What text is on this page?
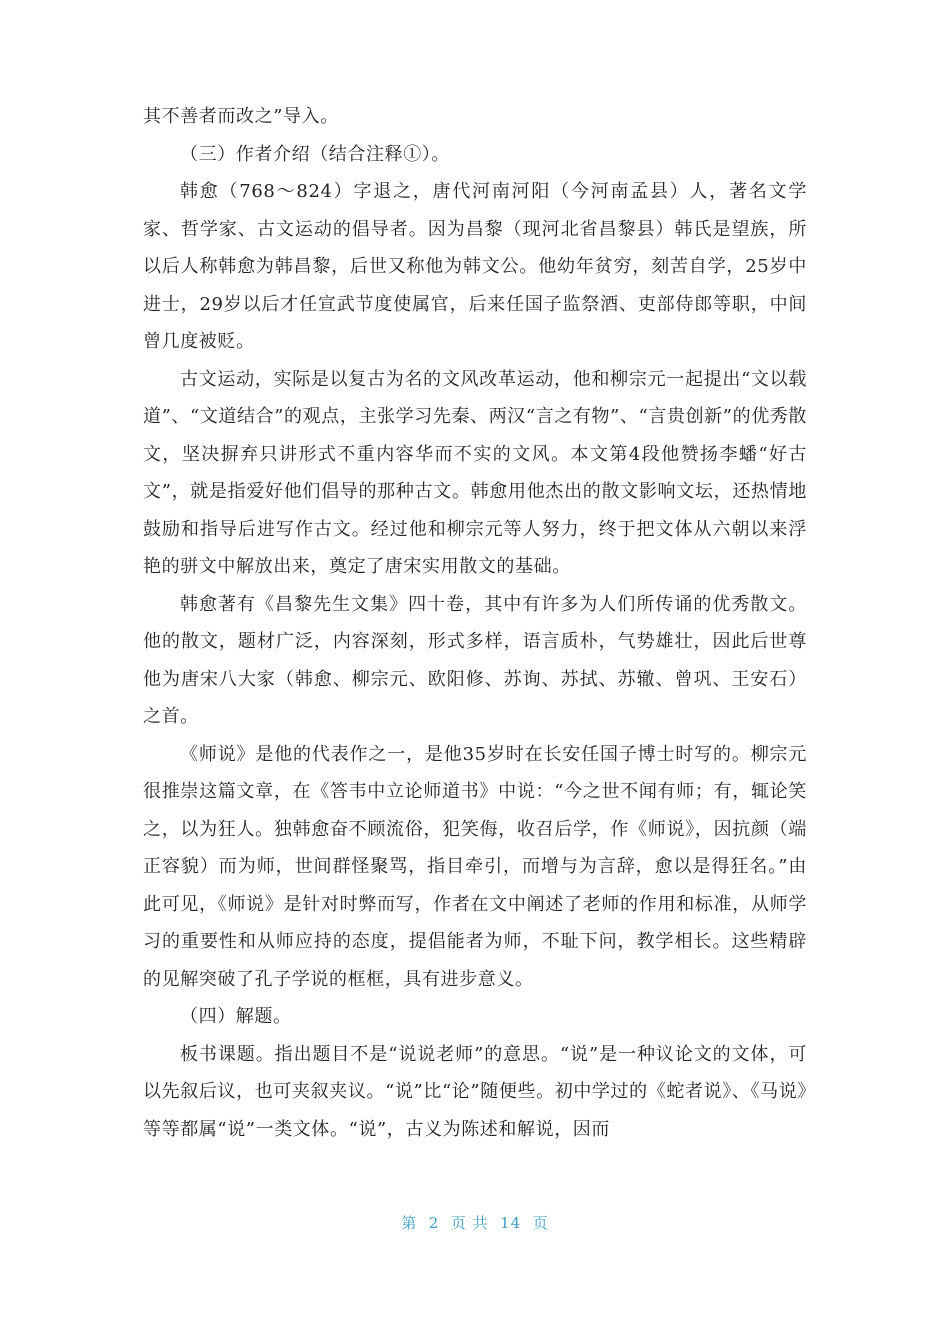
其不善者而改之”导入。

（三）作者介绍（结合注释①）。

韩愈（768～824）字退之，唐代河南河阳（今河南孟县）人，著名文学家、哲学家、古文运动的倡导者。因为昌黎（现河北省昌黎县）韩氏是望族，所以后人称韩愈为韩昌黎，后世又称他为韩文公。他幼年贫穷，刻苦自学，25岁中进士，29岁以后才任宣武节度使属官，后来任国子监祭酒、吏部侍郎等职，中间曾几度被贬。

古文运动，实际是以复古为名的文风改革运动，他和柳宗元一起提出“文以载道”、“文道结合”的观点，主张学习先秦、两汉“言之有物”、“言贵创新”的优秀散文，坚决摒弃只讲形式不重内容华而不实的文风。本文第4段他赞扬李蟠“好古文”，就是指爱好他们倡导的那种古文。韩愈用他杰出的散文影响文坛，还热情地鼓励和指导后进写作古文。经过他和柳宗元等人努力，终于把文体从六朝以来浮艳的骈文中解放出来，奠定了唐宋实用散文的基础。

韩愈著有《昌黎先生文集》四十卷，其中有许多为人们所传诵的优秀散文。他的散文，题材广泛，内容深刻，形式多样，语言质朴，气势雄壮，因此后世尊他为唐宋八大家（韩愈、柳宗元、欧阳修、苏询、苏拭、苏辙、曾巩、王安石）之首。

《师说》是他的代表作之一，是他35岁时在长安任国子博士时写的。柳宗元很推崇这篇文章，在《答韦中立论师道书》中说：“今之世不闻有师；有，辄论笑之，以为狂人。独韩愈奋不顾流俗，犯笑侮，收召后学，作《师说》，因抗颜（端正容貌）而为师，世间群怪聚骂，指目牵引，而增与为言辞，愈以是得狂名。”由此可见，《师说》是针对时弊而写，作者在文中阐述了老师的作用和标准，从师学习的重要性和从师应持的态度，提倡能者为师，不耻下问，教学相长。这些精辟的见解突破了孔子学说的框框，具有进步意义。

（四）解题。

板书课题。指出题目不是“说说老师”的意思。“说”是一种议论文的文体，可以先叙后议，也可夹叙夹议。“说”比“论”随便些。初中学过的《蛇者说》、《马说》等等都属“说”一类文体。“说”，古义为陈述和解说，因而

第  2  页 共  14  页
